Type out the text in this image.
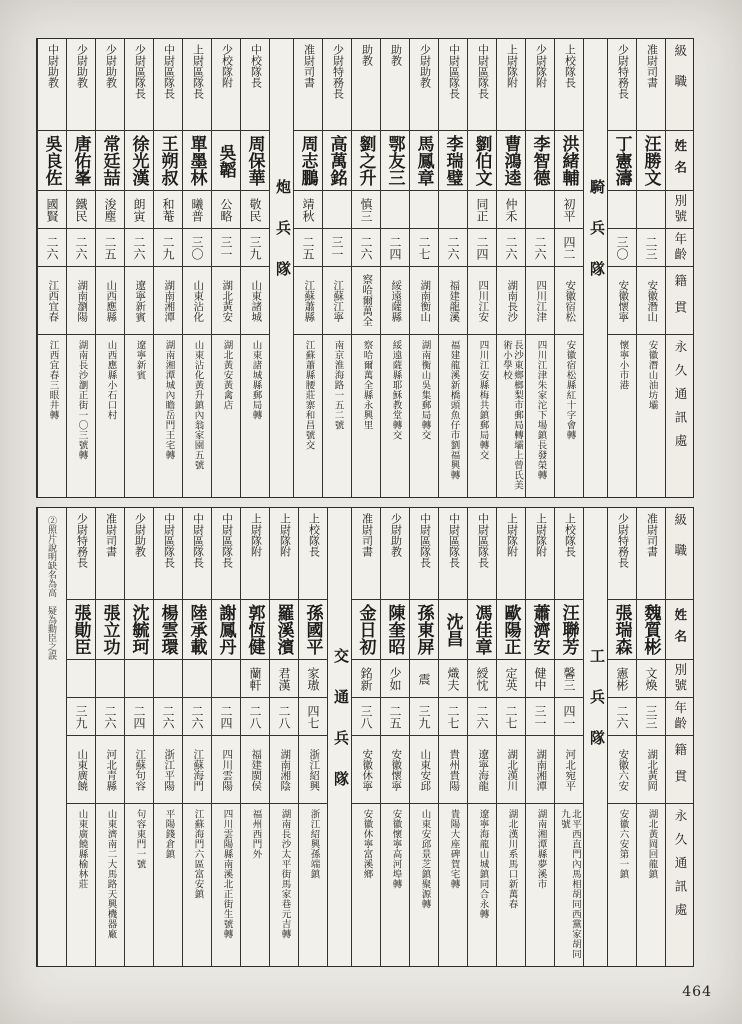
級職
姓名
別號
年齡
籍貫
永久通訊處
准尉司書
汪勝文
二三
安徽潛山
安徽潛山油坊壩
少尉特務長
丁憲濤
三〇
安徽懷寧
懷寧小市港
騎兵隊
上校隊長
洪緒輔
初平
四二
安徽宿松
安徽宿松縣紅十字會轉
少尉隊附
李智德
二六
四川江津
四川江津朱家沱下場鎮長發榮轉
上尉隊附
曹鴻逵
仲禾
二六
湖南長沙
長沙東鄉榔梨市郵局轉壩上曾氏美術小學校
中尉區隊長
劉伯文
同正
二四
四川江安
四川江安縣梅共鎮郵局轉交
中尉區隊長
李瑞璧
二六
福建龍溪
福建龍溪新橋頭魚仔市劉福興轉
少尉助教
馬鳳章
二七
湖南衡山
湖南衡山吳集郵局轉交
助教
鄂友三
二四
綏遠薩縣
綏遠薩縣耶穌教堂轉交
助教
劉之升
慎三
二六
察哈爾萬全
察哈爾萬全縣永興里
少尉特務長
高萬銘
三一
江蘇江寧
南京淮海路一五二號
准尉司書
周志鵬
靖秋
二五
江蘇蕭縣
江蘇蕭縣腰莊寨和昌號交
炮兵隊
中校隊長
周保華
敬民
三九
山東諸城
山東諸城縣郵局轉
少校隊附
吳韜
公略
三一
湖北黃安
湖北黃安黃禽店
上尉區隊長
單墨林
曦普
三〇
山東沾化
山東沾化黃升鎮內翁家園五號
中尉區隊長
王朔叔
和菴
二九
湖南湘潭
湖南湘潭城內瞻岳門王宅轉
少尉區隊長
徐光漢
朗寅
二六
遼寧新賓
遼寧新賓
少尉助教
常廷喆
浚塵
二五
山西應縣
山西應縣小石口村
少尉助教
唐佑峯
鐵民
二六
湖南瀏陽
湖南長沙瀏正街一〇三號轉
中尉助教
吳良佐
國賢
二六
江西宜春
江西宜春三眼井轉
級職
姓名
別號
年齡
籍貫
永久通訊處
准尉司書
魏質彬
文煥
三三
湖北黃岡
湖北黃岡回龍鎮
少尉特務長
張瑞森
憲彬
二六
安徽六安
安徽六安第一鎮
工兵隊
上校隊長
汪聯芳
馨三
四一
河北宛平
北平西直門內馬相胡同西黨家胡同九號
上尉隊附
蕭濟安
健中
三一
湖南湘潭
湖南湘潭縣夢溪市
上尉隊附
歐陽正
定英
二七
湖北漢川
湖北漢川系馬口新萬春
中尉區隊長
馮佳章
綬忱
二六
遼寧海龍
遼寧海龍山城鎮同合永轉
中尉區隊長
沈昌
熾夫
二七
貴州貴陽
貴陽大座碑賀宅轉
中尉區隊長
孫東屏
震
三九
山東安邱
山東安邱景芝鎮聚源轉
少尉助教
陳奎昭
少如
二五
安徽懷寧
安徽懷寧高河埠轉
准尉司書
金日初
銘新
三八
安徽休寧
安徽休寧富溪鄉
交通兵隊
上校隊長
孫國平
家璈
四七
浙江紹興
浙江紹興孫端鎮
上尉隊附
羅溪濱
君漢
二八
湖南湘陰
湖南長沙太平街馬家巷元吉轉
上尉隊附
郭恆健
蘭軒
二八
福建閩侯
福州西門外
中尉區隊長
謝鳳丹
二四
四川雲陽
四川雲陽縣南溪北正街生號轉
中尉區隊長
陸承載
二六
江蘇海門
江蘇海門六區富安鎮
中尉區隊長
楊雲環
二六
浙江平陽
平陽錢倉鎮
少尉助教
沈毓珂
二四
江蘇句容
句容東門一號
准尉司書
張立功
二六
河北青縣
山東濟南二大馬路天興機器廠
少尉特務長
張勛臣
三九
山東廣饒
山東廣饒縣榆林莊
②照片說明缺名為高　疑為勳臣之誤
464
